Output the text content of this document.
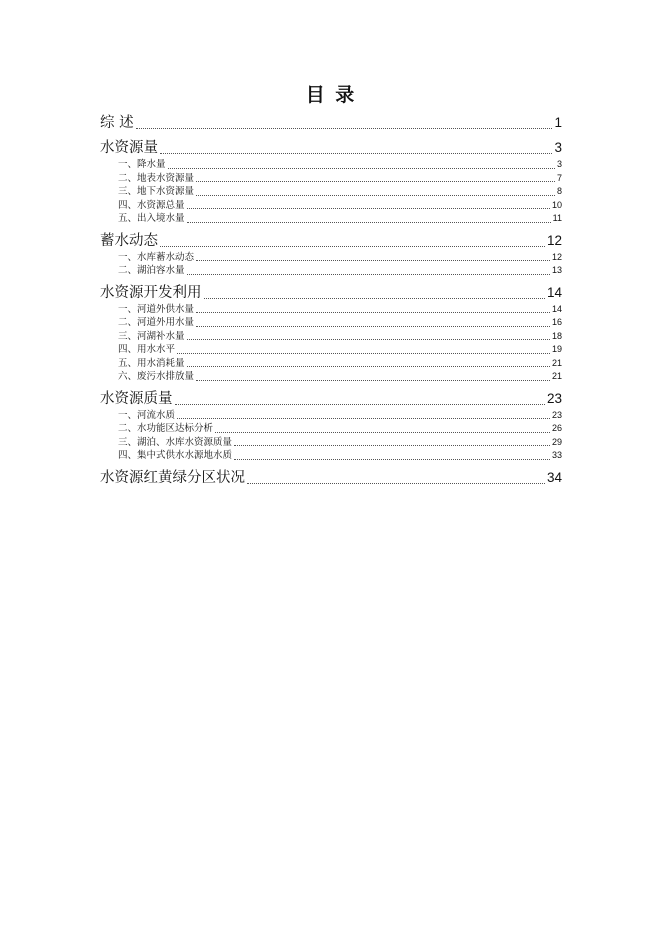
目 录
综 述	1
水资源量	3
一、降水量	3
二、地表水资源量	7
三、地下水资源量	8
四、水资源总量	10
五、出入境水量	11
蓄水动态	12
一、水库蓄水动态	12
二、湖泊容水量	13
水资源开发利用	14
一、河道外供水量	14
二、河道外用水量	16
三、河湖补水量	18
四、用水水平	19
五、用水消耗量	21
六、废污水排放量	21
水资源质量	23
一、河流水质	23
二、水功能区达标分析	26
三、湖泊、水库水资源质量	29
四、集中式供水水源地水质	33
水资源红黄绿分区状况	34
